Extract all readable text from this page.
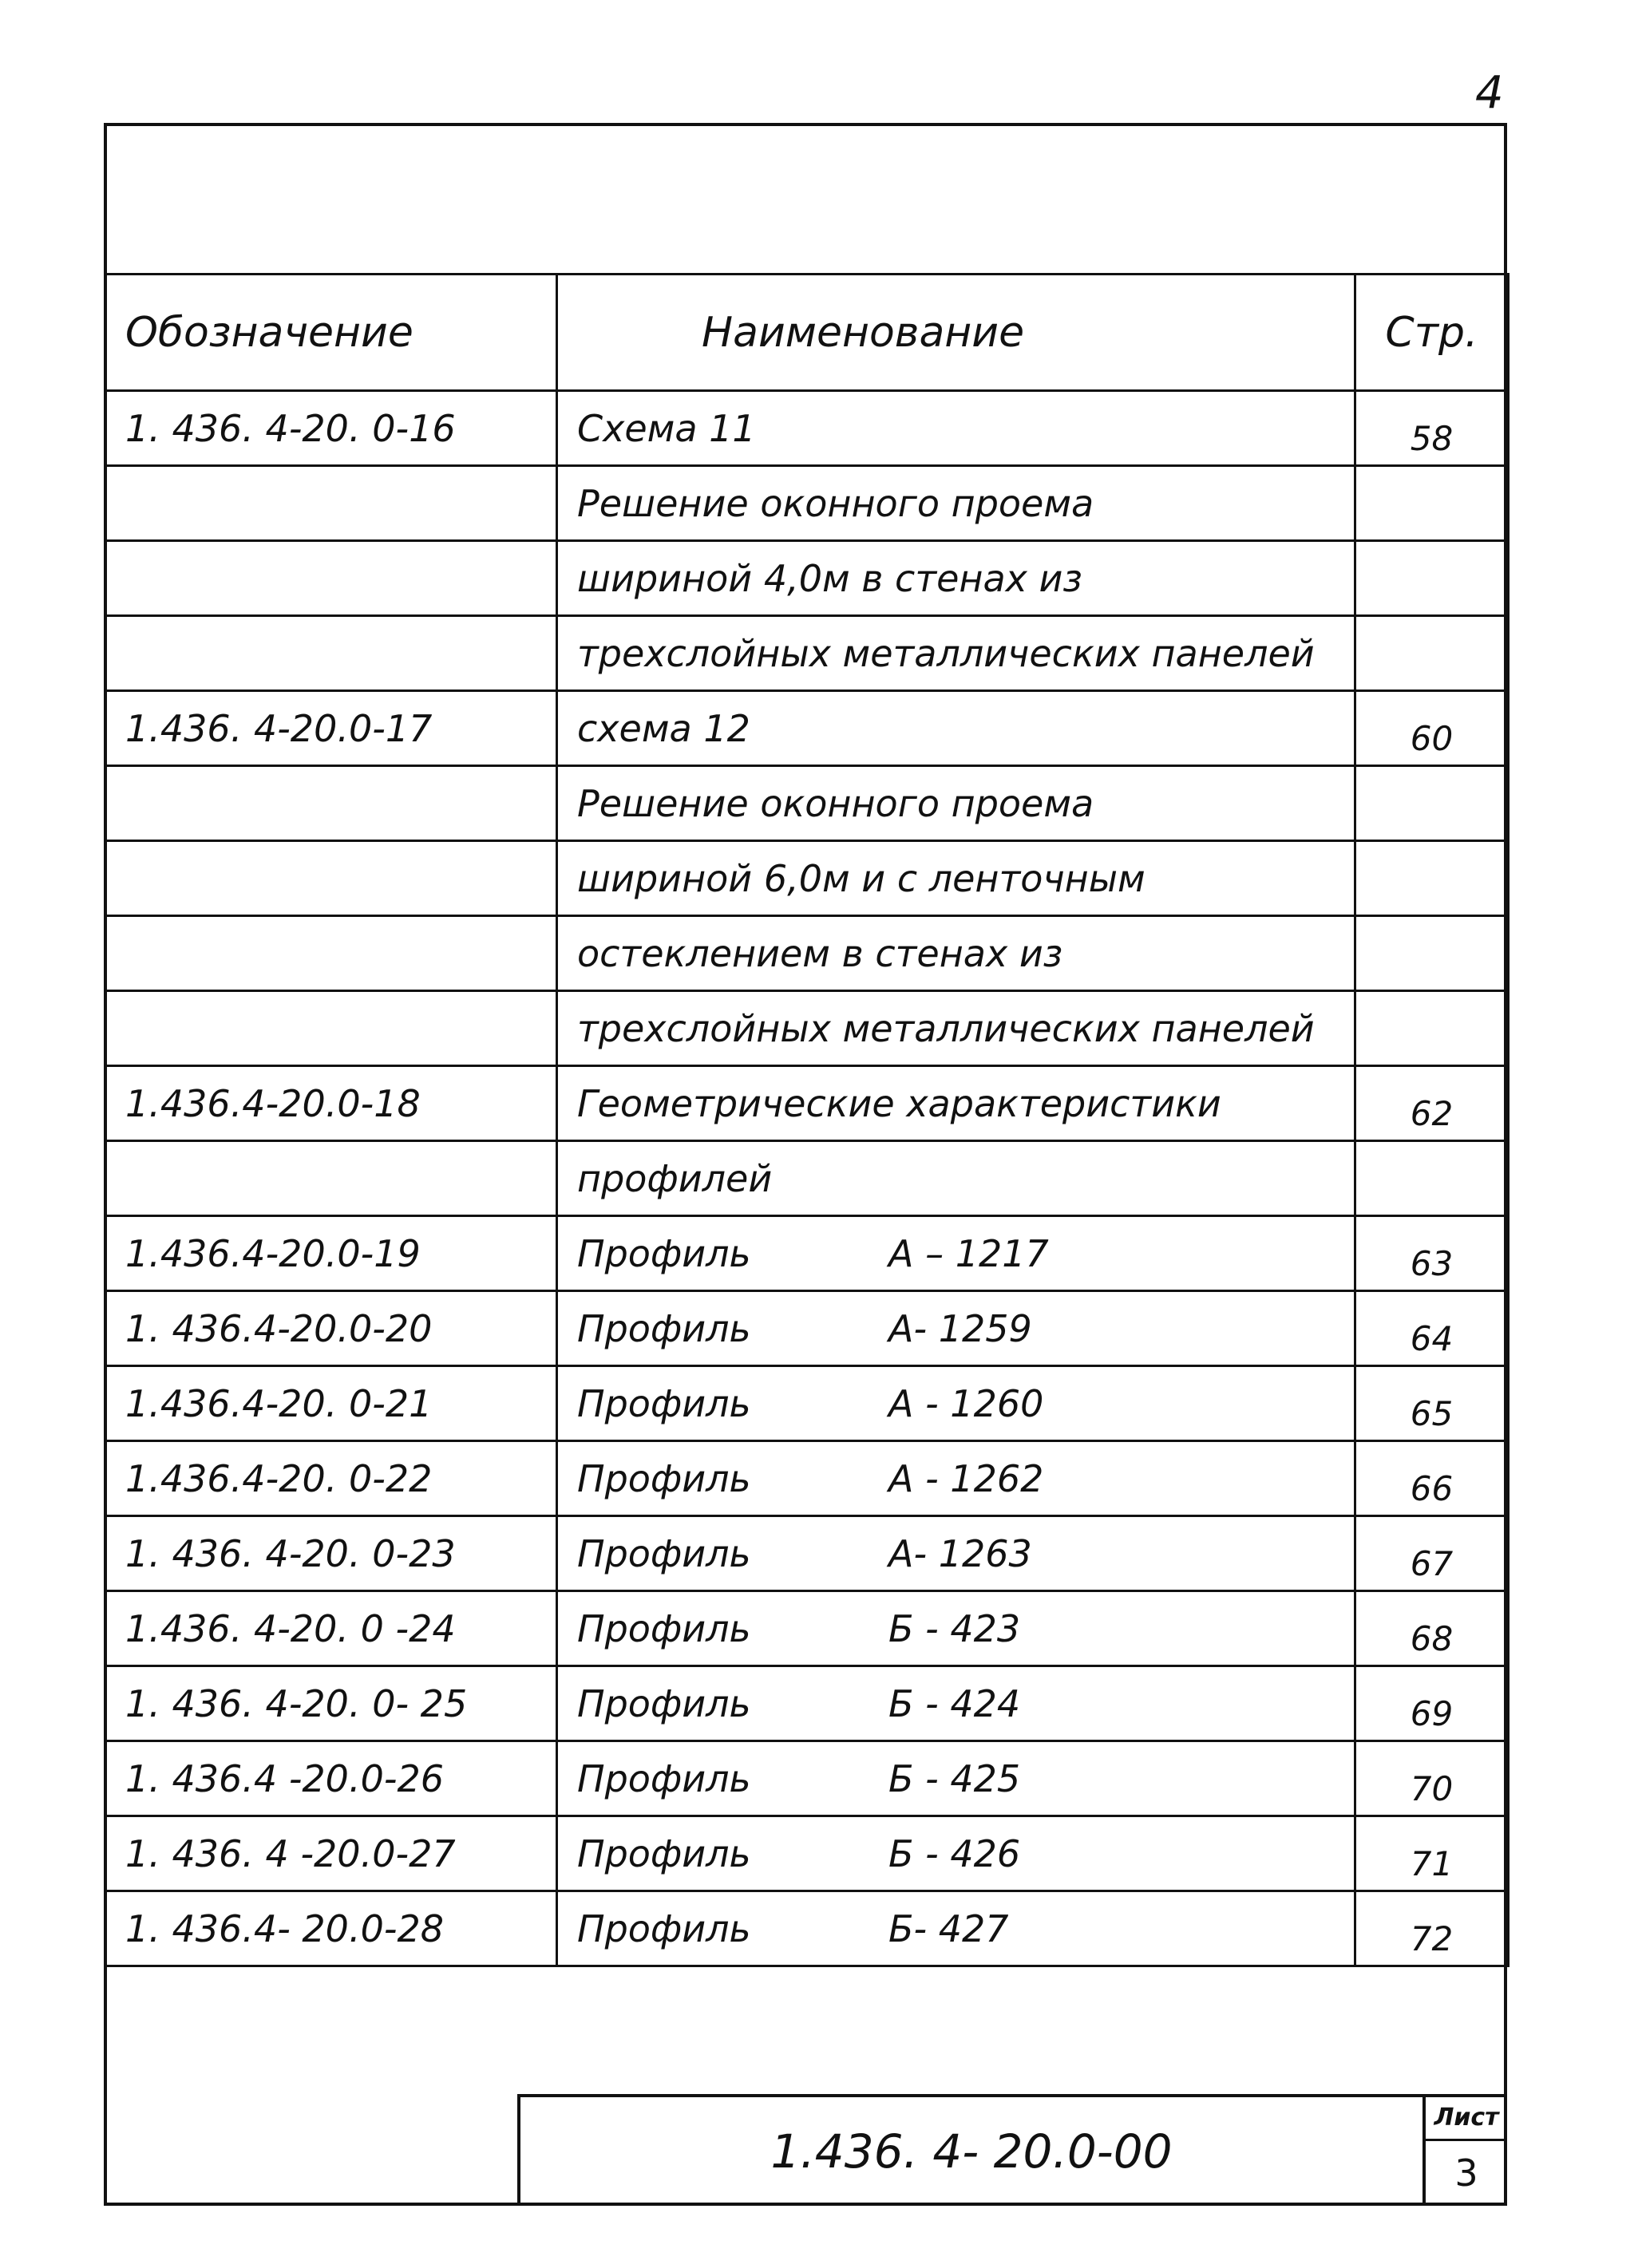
4
Обозначение	Наименование	Стр.
1. 436. 4-20. 0-16	Схема 11	58
	Решение оконного проема	
	шириной 4,0м в стенах из	
	трехслойных металлических панелей	
1.436. 4-20.0-17	схема 12	60
	Решение оконного проема	
	шириной 6,0м и с ленточным	
	остеклением в стенах из	
	трехслойных металлических панелей	
1.436.4-20.0-18	Геометрические характеристики	62
	профилей	
1.436.4-20.0-19	Профиль А – 1217	63
1. 436.4-20.0-20	Профиль А- 1259	64
1.436.4-20. 0-21	Профиль А - 1260	65
1.436.4-20. 0-22	Профиль А - 1262	66
1. 436. 4-20. 0-23	Профиль А- 1263	67
1.436. 4-20. 0 -24	Профиль Б - 423	68
1. 436. 4-20. 0- 25	Профиль Б - 424	69
1. 436.4 -20.0-26	Профиль Б - 425	70
1. 436. 4 -20.0-27	Профиль Б - 426	71
1. 436.4- 20.0-28	Профиль Б- 427	72
1.436. 4- 20.0-00
Лист
3
